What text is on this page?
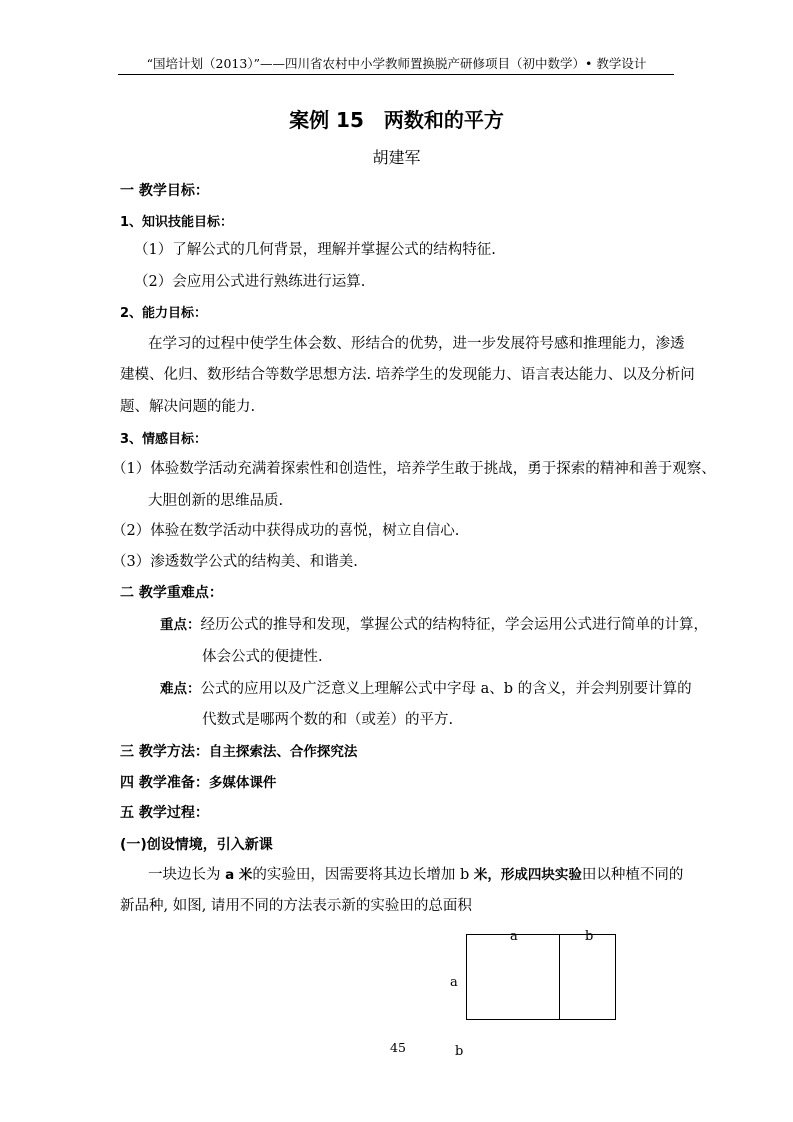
“国培计划（2013）”——四川省农村中小学教师置换脱产研修项目（初中数学）• 教学设计
案例 15　两数和的平方
胡建军
一 教学目标：
1、知识技能目标：
（1）了解公式的几何背景，理解并掌握公式的结构特征.
（2）会应用公式进行熟练进行运算.
2、能力目标：
在学习的过程中使学生体会数、形结合的优势，进一步发展符号感和推理能力，渗透
建模、化归、数形结合等数学思想方法. 培养学生的发现能力、语言表达能力、以及分析问
题、解决问题的能力.
3、情感目标：
（1）体验数学活动充满着探索性和创造性，培养学生敢于挑战，勇于探索的精神和善于观察、
大胆创新的思维品质.
（2）体验在数学活动中获得成功的喜悦，树立自信心.
（3）渗透数学公式的结构美、和谐美.
二 教学重难点：
重点：经历公式的推导和发现，掌握公式的结构特征，学会运用公式进行简单的计算，
体会公式的便捷性.
难点：公式的应用以及广泛意义上理解公式中字母 a、b 的含义，并会判别要计算的
代数式是哪两个数的和（或差）的平方.
三 教学方法：自主探索法、合作探究法
四 教学准备：多媒体课件
五 教学过程：
(一)创设情境，引入新课
一块边长为 a 米的实验田，因需要将其边长增加 b 米，形成四块实验田以种植不同的
新品种, 如图, 请用不同的方法表示新的实验田的总面积
a	b
a
b
45
